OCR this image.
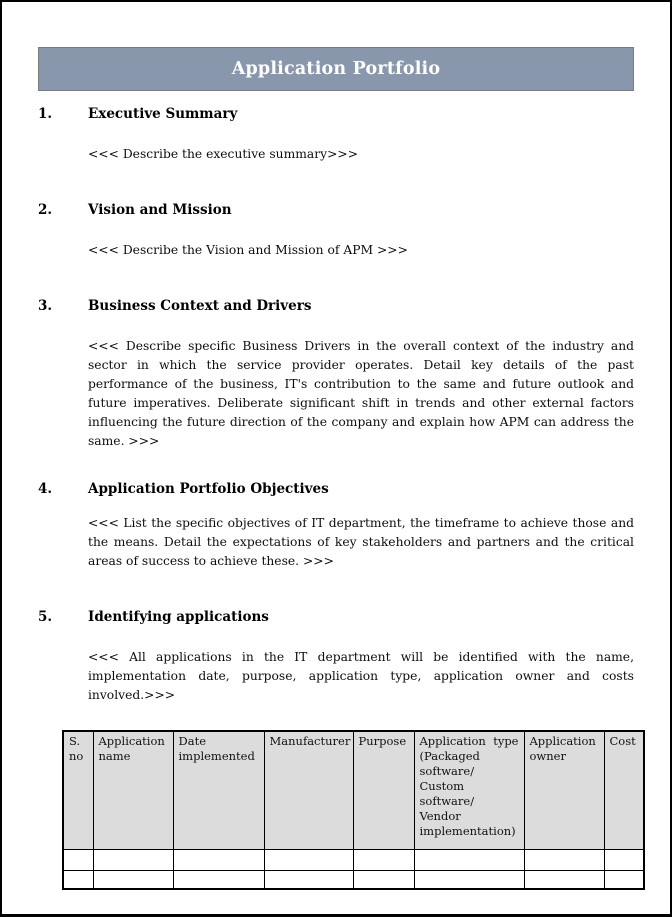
Application Portfolio
1.	Executive Summary
<<< Describe the executive summary>>>
2.	Vision and Mission
<<< Describe the Vision and Mission of APM >>>
3.	Business Context and Drivers
<<< Describe specific Business Drivers in the overall context of the industry and sector in which the service provider operates. Detail key details of the past performance of the business, IT's contribution to the same and future outlook and future imperatives. Deliberate significant shift in trends and other external factors influencing the future direction of the company and explain how APM can address the same. >>>
4.	Application Portfolio Objectives
<<< List the specific objectives of IT department, the timeframe to achieve those and the means. Detail the expectations of key stakeholders and partners and the critical areas of success to achieve these. >>>
5.	Identifying applications
<<< All applications in the IT department will be identified with the name, implementation date, purpose, application type, application owner and costs involved.>>>
S. no	Application name	Date implemented	Manufacturer	Purpose	Application type (Packaged software/ Custom software/ Vendor implementation)	Application owner	Cost
